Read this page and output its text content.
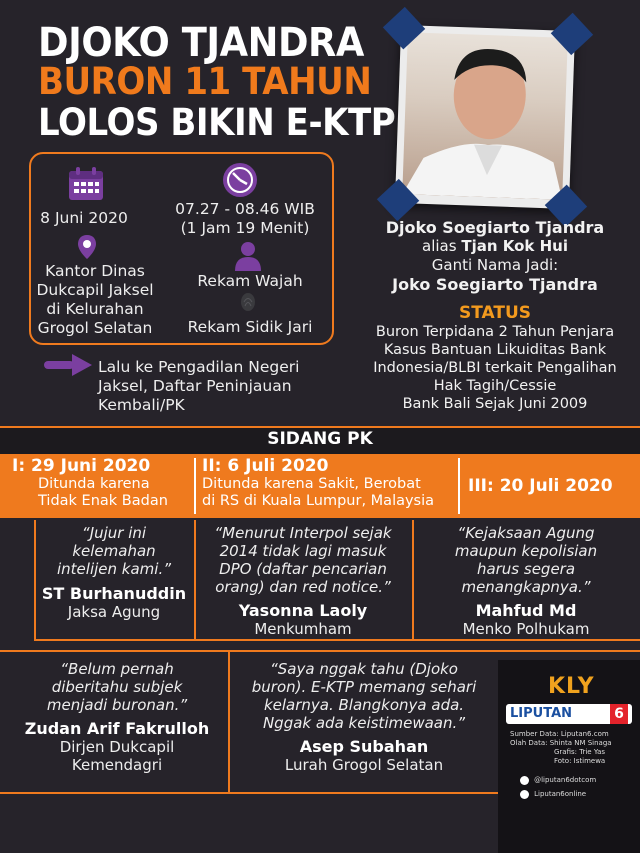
DJOKO TJANDRA
BURON 11 TAHUN
LOLOS BIKIN E-KTP
8 Juni 2020	07.27 - 08.46 WIB
(1 Jam 19 Menit)
Kantor Dinas
Dukcapil Jaksel
di Kelurahan
Grogol Selatan
Rekam Wajah
Rekam Sidik Jari
Lalu ke Pengadilan Negeri
Jaksel, Daftar Peninjauan
Kembali/PK
Djoko Soegiarto Tjandra
alias Tjan Kok Hui
Ganti Nama Jadi:
Joko Soegiarto Tjandra
STATUS
Buron Terpidana 2 Tahun Penjara
Kasus Bantuan Likuiditas Bank
Indonesia/BLBI terkait Pengalihan
Hak Tagih/Cessie
Bank Bali Sejak Juni 2009
SIDANG PK
I: 29 Juni 2020
Ditunda karena
Tidak Enak Badan
II: 6 Juli 2020
Ditunda karena Sakit, Berobat
di RS di Kuala Lumpur, Malaysia
III: 20 Juli 2020
“Jujur ini
kelemahan
intelijen kami.”
ST Burhanuddin
Jaksa Agung
“Menurut Interpol sejak
2014 tidak lagi masuk
DPO (daftar pencarian
orang) dan red notice.”
Yasonna Laoly
Menkumham
“Kejaksaan Agung
maupun kepolisian
harus segera
menangkapnya.”
Mahfud Md
Menko Polhukam
“Belum pernah
diberitahu subjek
menjadi buronan.”
Zudan Arif Fakrulloh
Dirjen Dukcapil
Kemendagri
“Saya nggak tahu (Djoko
buron). E-KTP memang sehari
kelarnya. Blangkonya ada.
Nggak ada keistimewaan.”
Asep Subahan
Lurah Grogol Selatan
KLY
LIPUTAN	6
Sumber Data: Liputan6.com
Olah Data: Shinta NM Sinaga
Grafis: Trie Yas
Foto: Istimewa
@liputan6dotcom
Liputan6online
